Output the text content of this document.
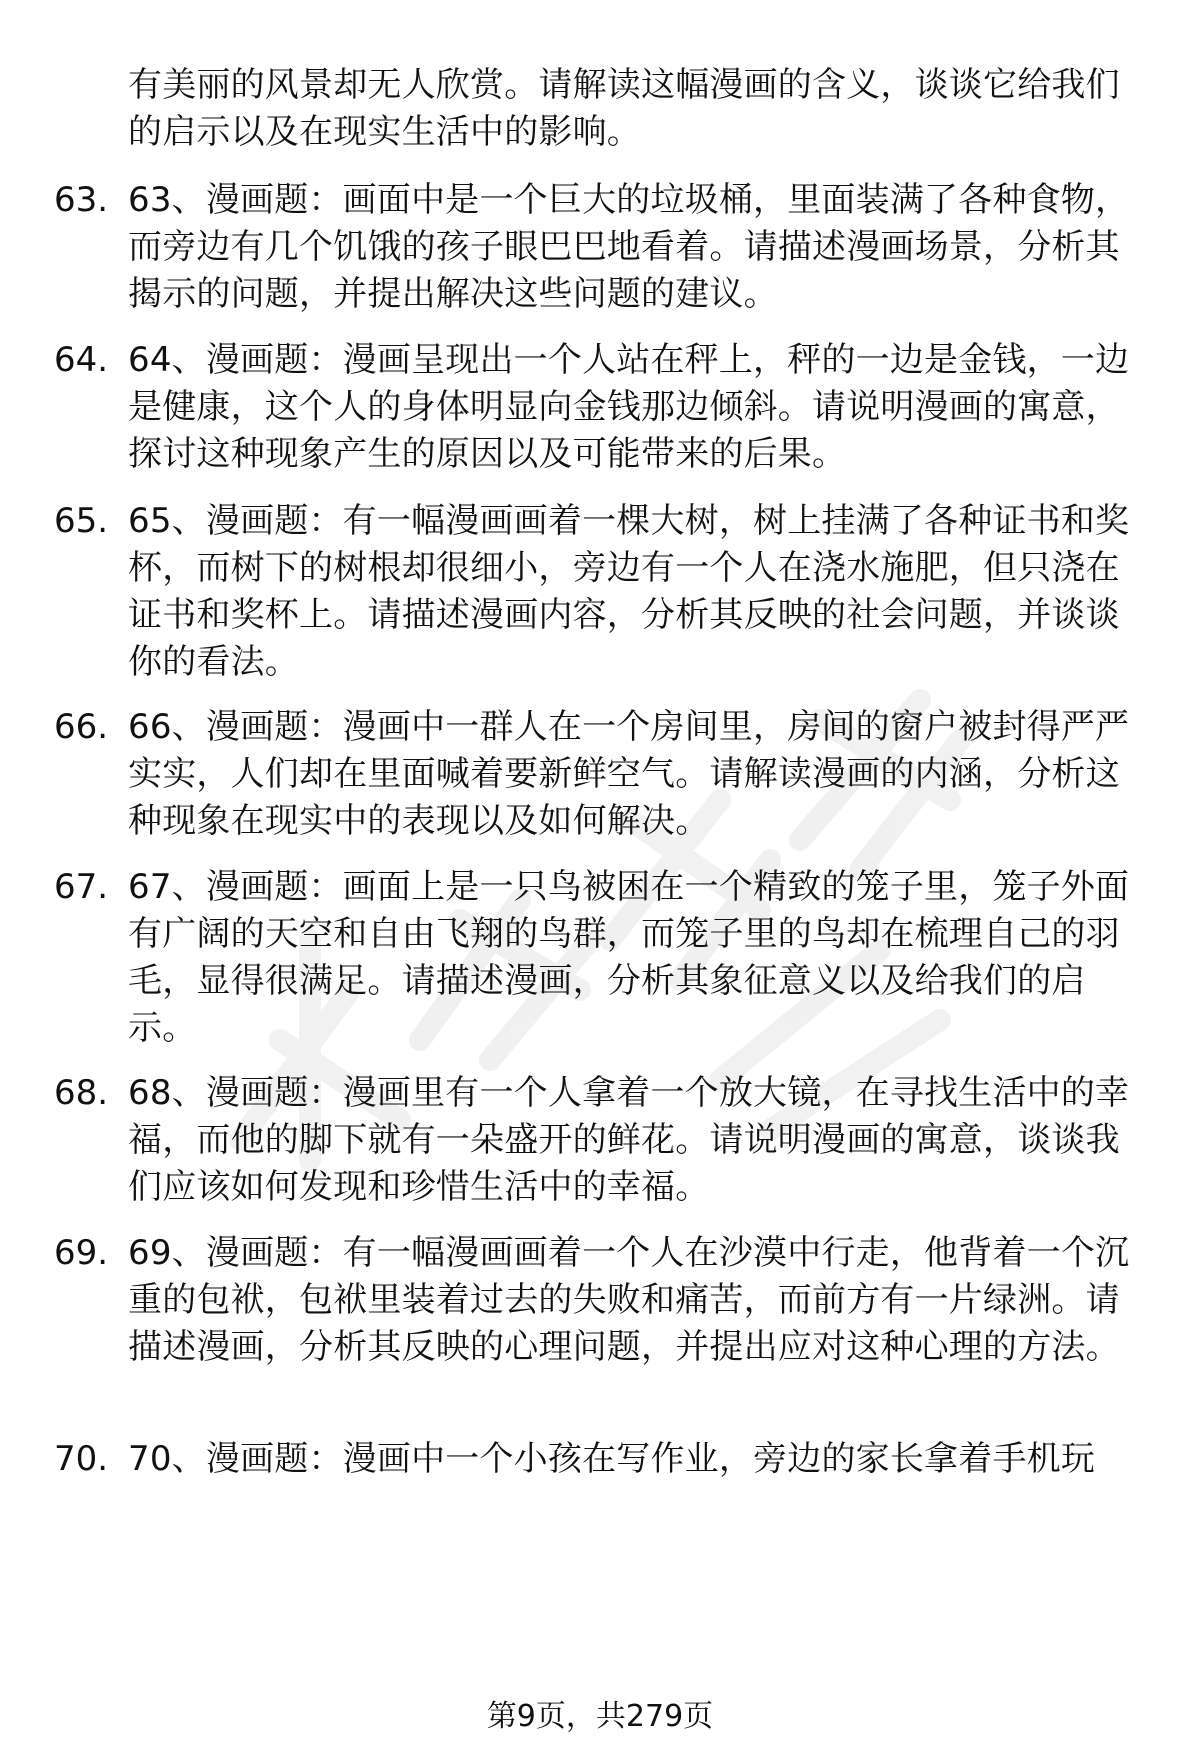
有美丽的风景却无人欣赏。请解读这幅漫画的含义，谈谈它给我们的启示以及在现实生活中的影响。
63. 63、漫画题：画面中是一个巨大的垃圾桶，里面装满了各种食物，而旁边有几个饥饿的孩子眼巴巴地看着。请描述漫画场景，分析其揭示的问题，并提出解决这些问题的建议。
64. 64、漫画题：漫画呈现出一个人站在秤上，秤的一边是金钱，一边是健康，这个人的身体明显向金钱那边倾斜。请说明漫画的寓意，探讨这种现象产生的原因以及可能带来的后果。
65. 65、漫画题：有一幅漫画画着一棵大树，树上挂满了各种证书和奖杯，而树下的树根却很细小，旁边有一个人在浇水施肥，但只浇在证书和奖杯上。请描述漫画内容，分析其反映的社会问题，并谈谈你的看法。
66. 66、漫画题：漫画中一群人在一个房间里，房间的窗户被封得严严实实，人们却在里面喊着要新鲜空气。请解读漫画的内涵，分析这种现象在现实中的表现以及如何解决。
67. 67、漫画题：画面上是一只鸟被困在一个精致的笼子里，笼子外面有广阔的天空和自由飞翔的鸟群，而笼子里的鸟却在梳理自己的羽毛，显得很满足。请描述漫画，分析其象征意义以及给我们的启示。
68. 68、漫画题：漫画里有一个人拿着一个放大镜，在寻找生活中的幸福，而他的脚下就有一朵盛开的鲜花。请说明漫画的寓意，谈谈我们应该如何发现和珍惜生活中的幸福。
69. 69、漫画题：有一幅漫画画着一个人在沙漠中行走，他背着一个沉重的包袱，包袱里装着过去的失败和痛苦，而前方有一片绿洲。请描述漫画，分析其反映的心理问题，并提出应对这种心理的方法。
70. 70、漫画题：漫画中一个小孩在写作业，旁边的家长拿着手机玩
第9页，共279页
